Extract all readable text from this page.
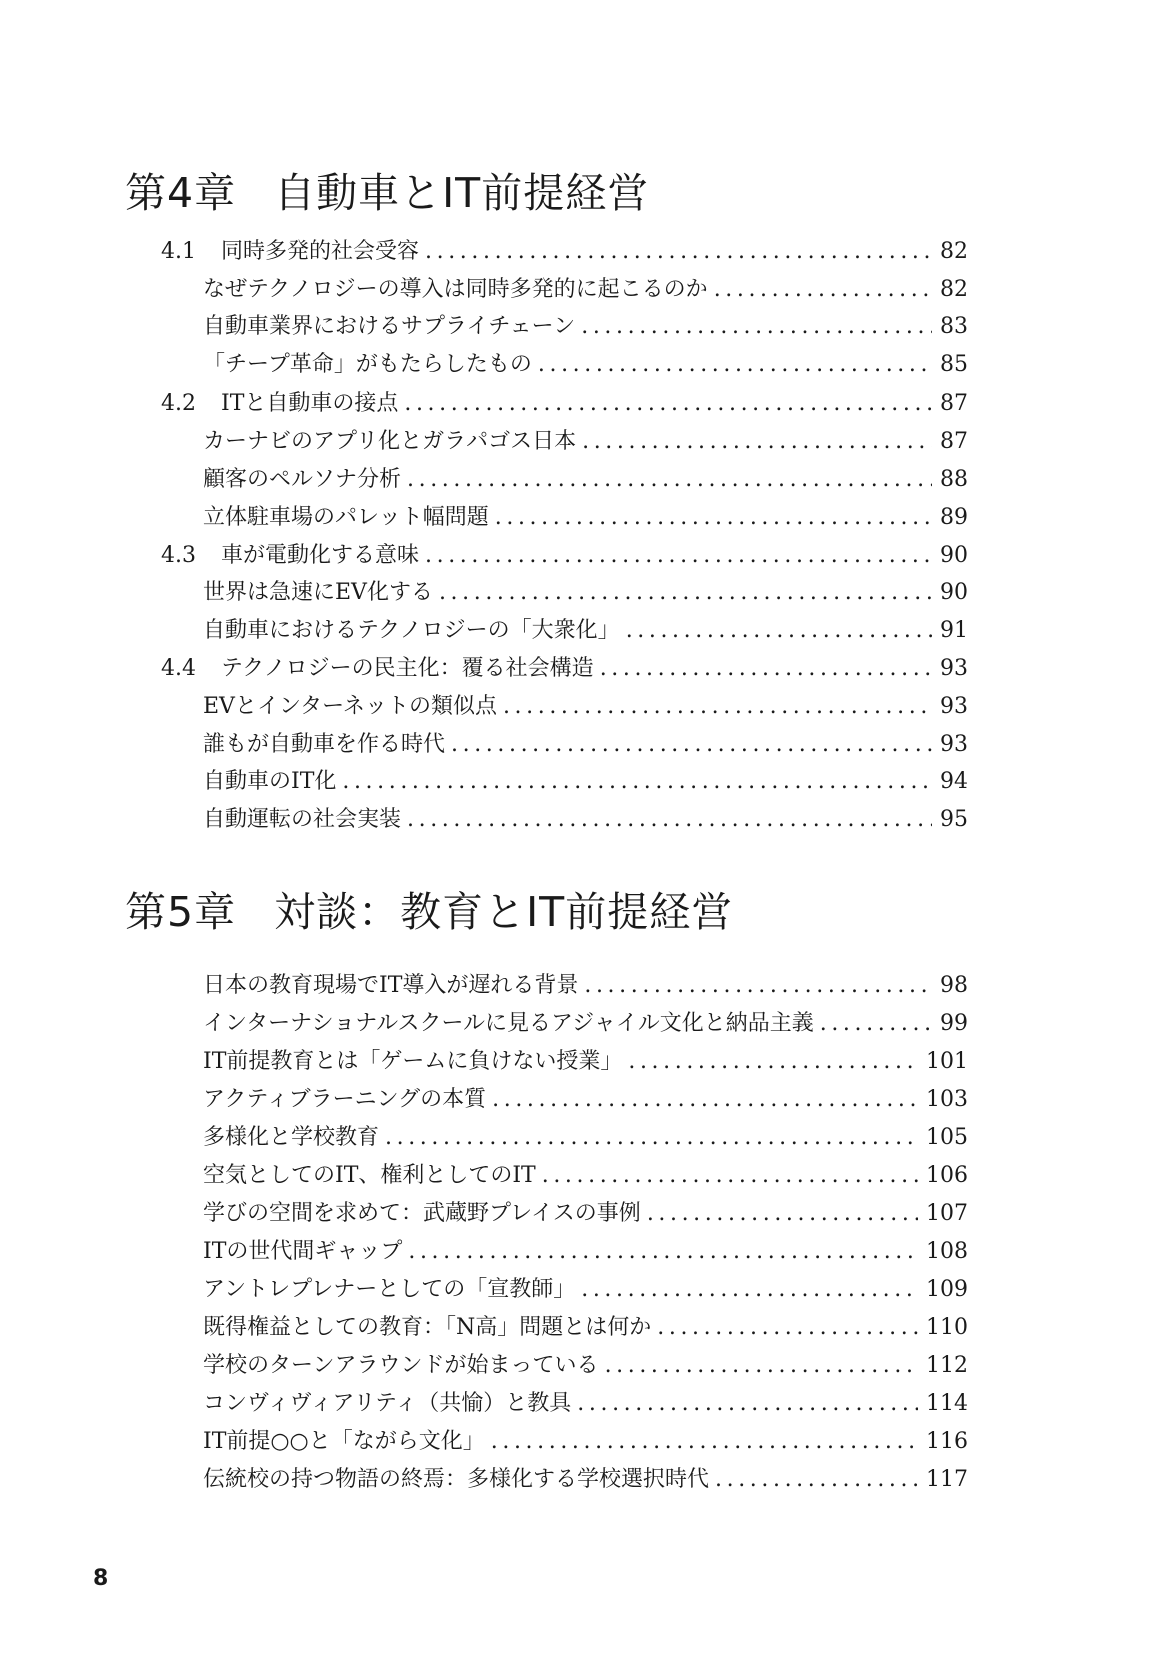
第4章 自動車とIT前提経営
4.1	同時多発的社会受容 .....	82
なぜテクノロジーの導入は同時多発的に起こるのか .....	82
自動車業界におけるサプライチェーン .....	83
「チープ革命」がもたらしたもの .....	85
4.2	ITと自動車の接点 .....	87
カーナビのアプリ化とガラパゴス日本 .....	87
顧客のペルソナ分析 .....	88
立体駐車場のパレット幅問題 .....	89
4.3	車が電動化する意味 .....	90
世界は急速にEV化する .....	90
自動車におけるテクノロジーの「大衆化」 .....	91
4.4	テクノロジーの民主化：覆る社会構造 .....	93
EVとインターネットの類似点 .....	93
誰もが自動車を作る時代 .....	93
自動車のIT化 .....	94
自動運転の社会実装 .....	95
第5章 対談：教育とIT前提経営
日本の教育現場でIT導入が遅れる背景 .....	98
インターナショナルスクールに見るアジャイル文化と納品主義 .....	99
IT前提教育とは「ゲームに負けない授業」 .....	101
アクティブラーニングの本質 .....	103
多様化と学校教育 .....	105
空気としてのIT、権利としてのIT .....	106
学びの空間を求めて：武蔵野プレイスの事例 .....	107
ITの世代間ギャップ .....	108
アントレプレナーとしての「宣教師」 .....	109
既得権益としての教育：「N高」問題とは何か .....	110
学校のターンアラウンドが始まっている .....	112
コンヴィヴィアリティ（共愉）と教具 .....	114
IT前提○○と「ながら文化」 .....	116
伝統校の持つ物語の終焉：多様化する学校選択時代 .....	117
8
